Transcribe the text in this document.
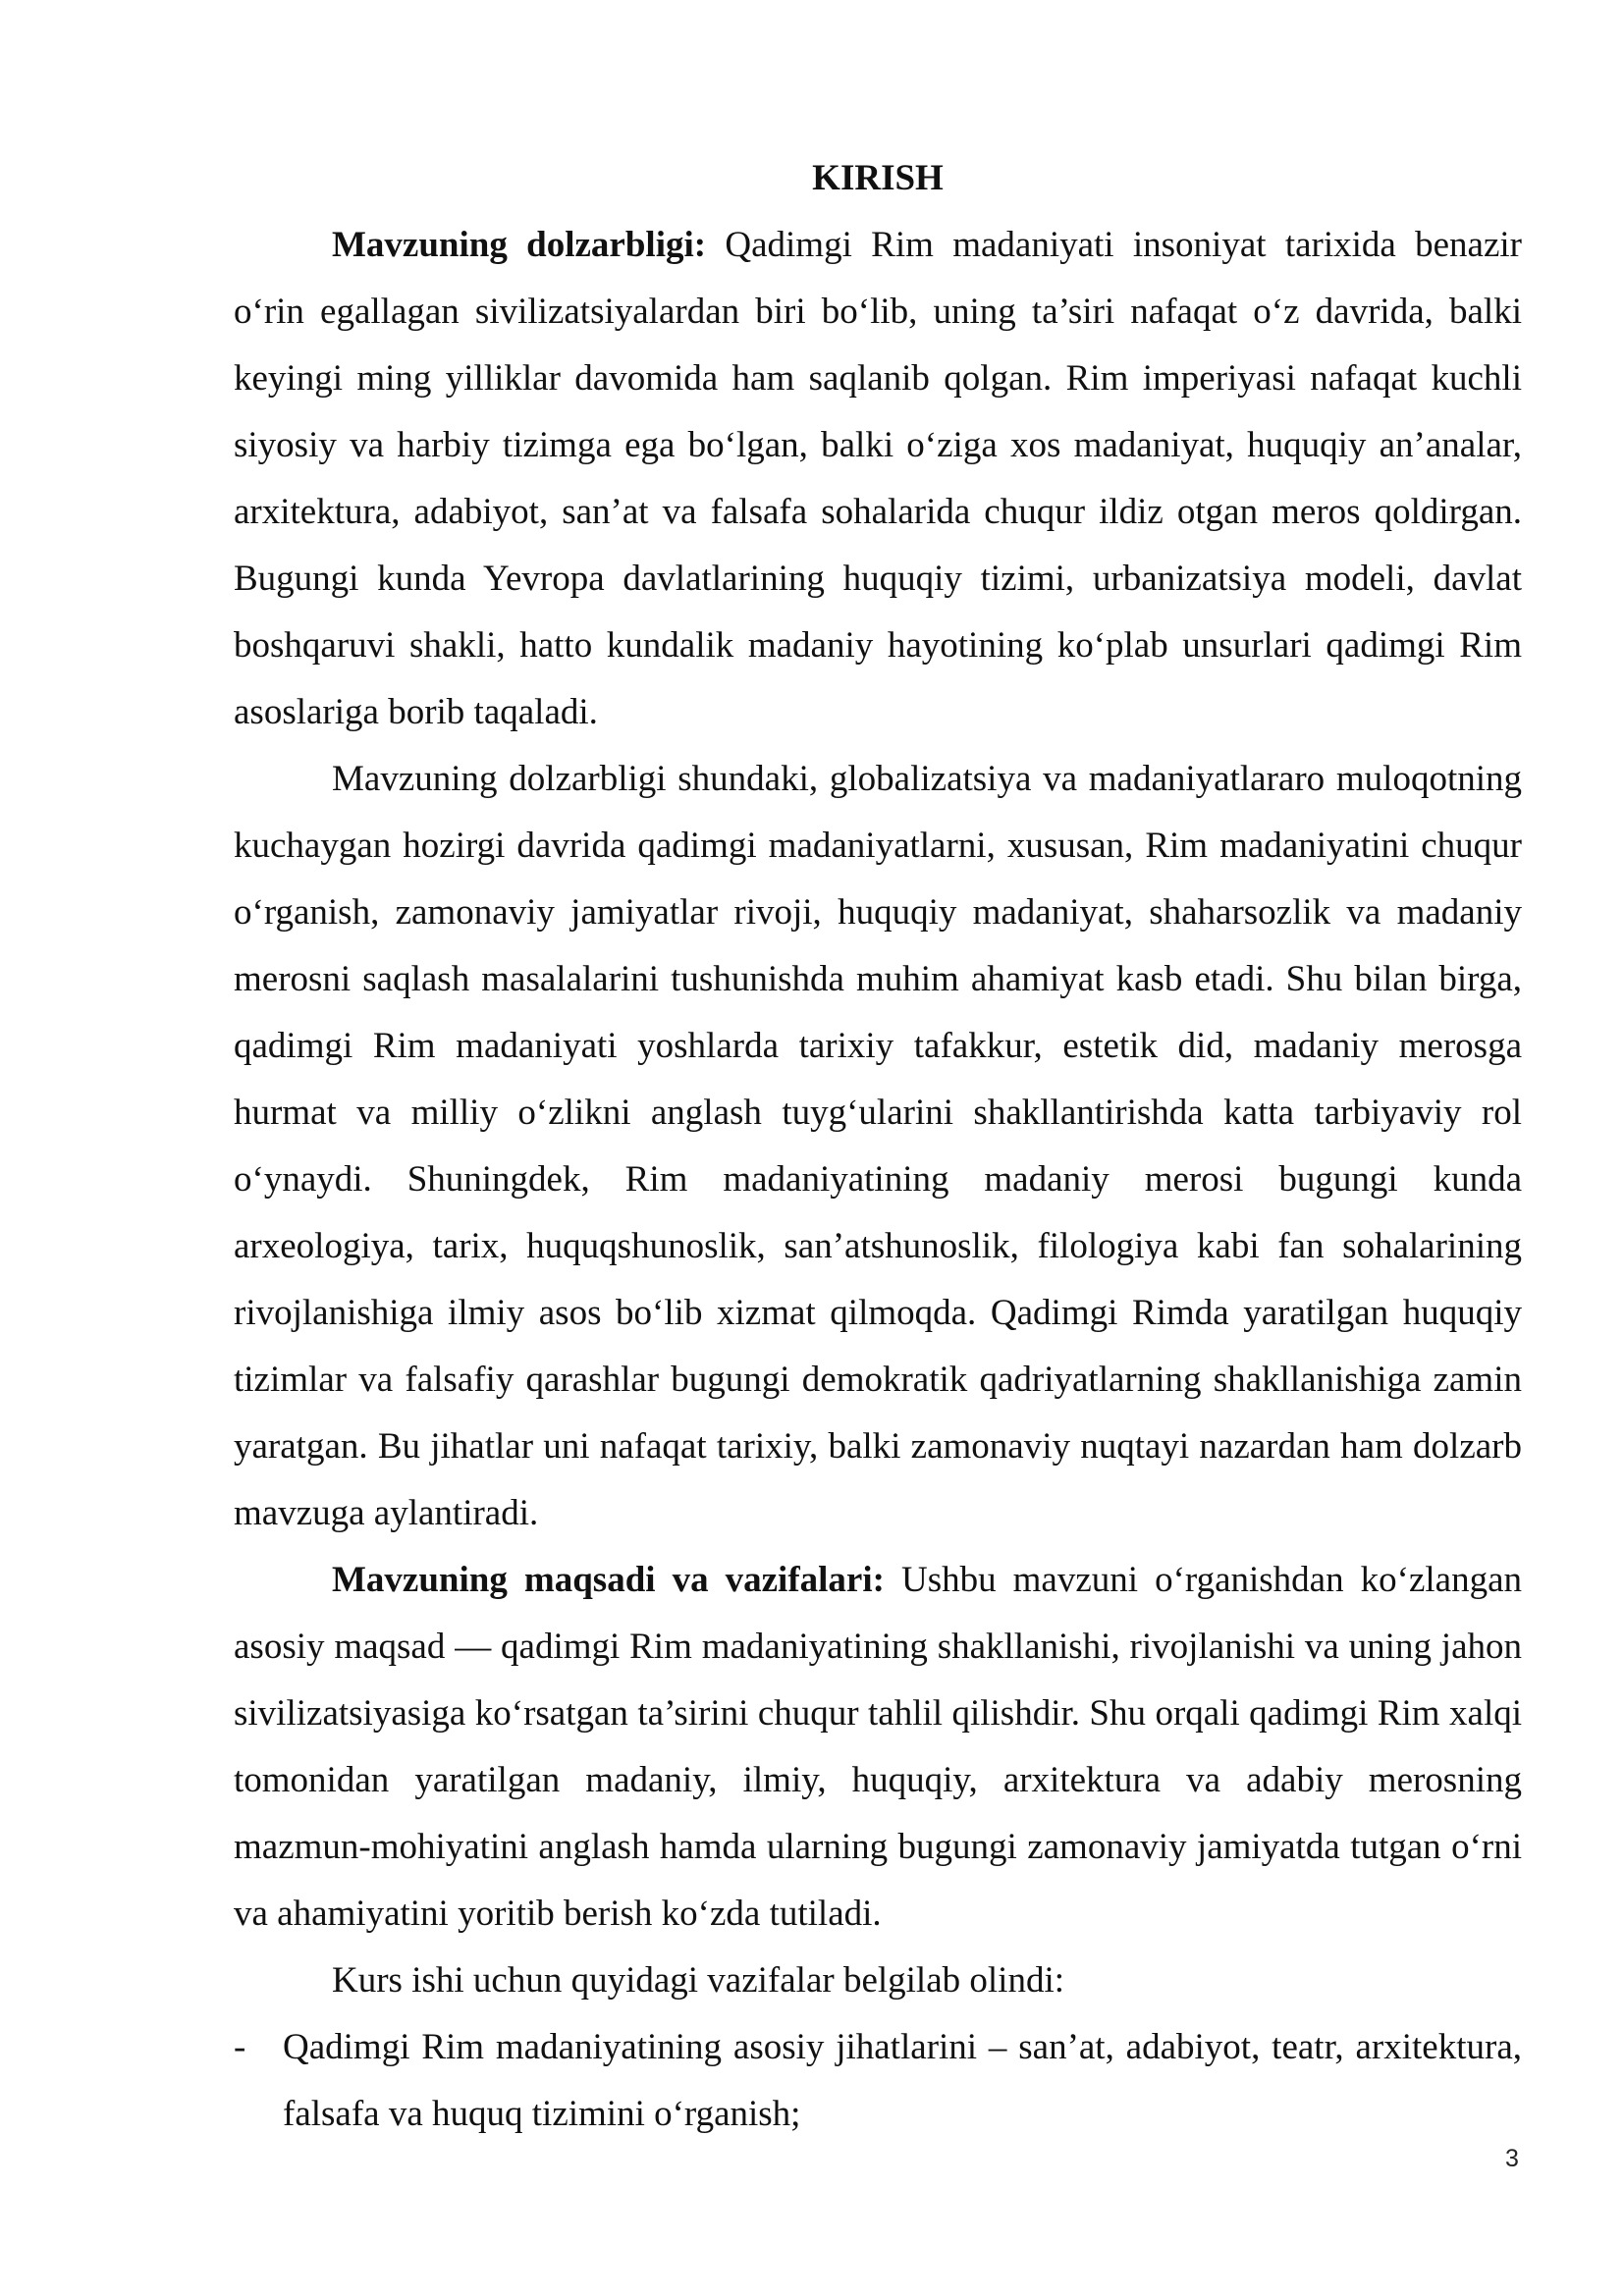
KIRISH

Mavzuning dolzarbligi: Qadimgi Rim madaniyati insoniyat tarixida benazir o‘rin egallagan sivilizatsiyalardan biri bo‘lib, uning ta’siri nafaqat o‘z davrida, balki keyingi ming yilliklar davomida ham saqlanib qolgan. Rim imperiyasi nafaqat kuchli siyosiy va harbiy tizimga ega bo‘lgan, balki o‘ziga xos madaniyat, huquqiy an’analar, arxitektura, adabiyot, san’at va falsafa sohalarida chuqur ildiz otgan meros qoldirgan. Bugungi kunda Yevropa davlatlarining huquqiy tizimi, urbanizatsiya modeli, davlat boshqaruvi shakli, hatto kundalik madaniy hayotining ko‘plab unsurlari qadimgi Rim asoslariga borib taqaladi.

Mavzuning dolzarbligi shundaki, globalizatsiya va madaniyatlararo muloqotning kuchaygan hozirgi davrida qadimgi madaniyatlarni, xususan, Rim madaniyatini chuqur o‘rganish, zamonaviy jamiyatlar rivoji, huquqiy madaniyat, shaharsozlik va madaniy merosni saqlash masalalarini tushunishda muhim ahamiyat kasb etadi. Shu bilan birga, qadimgi Rim madaniyati yoshlarda tarixiy tafakkur, estetik did, madaniy merosga hurmat va milliy o‘zlikni anglash tuyg‘ularini shakllantirishda katta tarbiyaviy rol o‘ynaydi. Shuningdek, Rim madaniyatining madaniy merosi bugungi kunda arxeologiya, tarix, huquqshunoslik, san’atshunoslik, filologiya kabi fan sohalarining rivojlanishiga ilmiy asos bo‘lib xizmat qilmoqda. Qadimgi Rimda yaratilgan huquqiy tizimlar va falsafiy qarashlar bugungi demokratik qadriyatlarning shakllanishiga zamin yaratgan. Bu jihatlar uni nafaqat tarixiy, balki zamonaviy nuqtayi nazardan ham dolzarb mavzuga aylantiradi.

Mavzuning maqsadi va vazifalari: Ushbu mavzuni o‘rganishdan ko‘zlangan asosiy maqsad — qadimgi Rim madaniyatining shakllanishi, rivojlanishi va uning jahon sivilizatsiyasiga ko‘rsatgan ta’sirini chuqur tahlil qilishdir. Shu orqali qadimgi Rim xalqi tomonidan yaratilgan madaniy, ilmiy, huquqiy, arxitektura va adabiy merosning mazmun-mohiyatini anglash hamda ularning bugungi zamonaviy jamiyatda tutgan o‘rni va ahamiyatini yoritib berish ko‘zda tutiladi.

Kurs ishi uchun quyidagi vazifalar belgilab olindi:

- Qadimgi Rim madaniyatining asosiy jihatlarini – san’at, adabiyot, teatr, arxitektura, falsafa va huquq tizimini o‘rganish;
3
